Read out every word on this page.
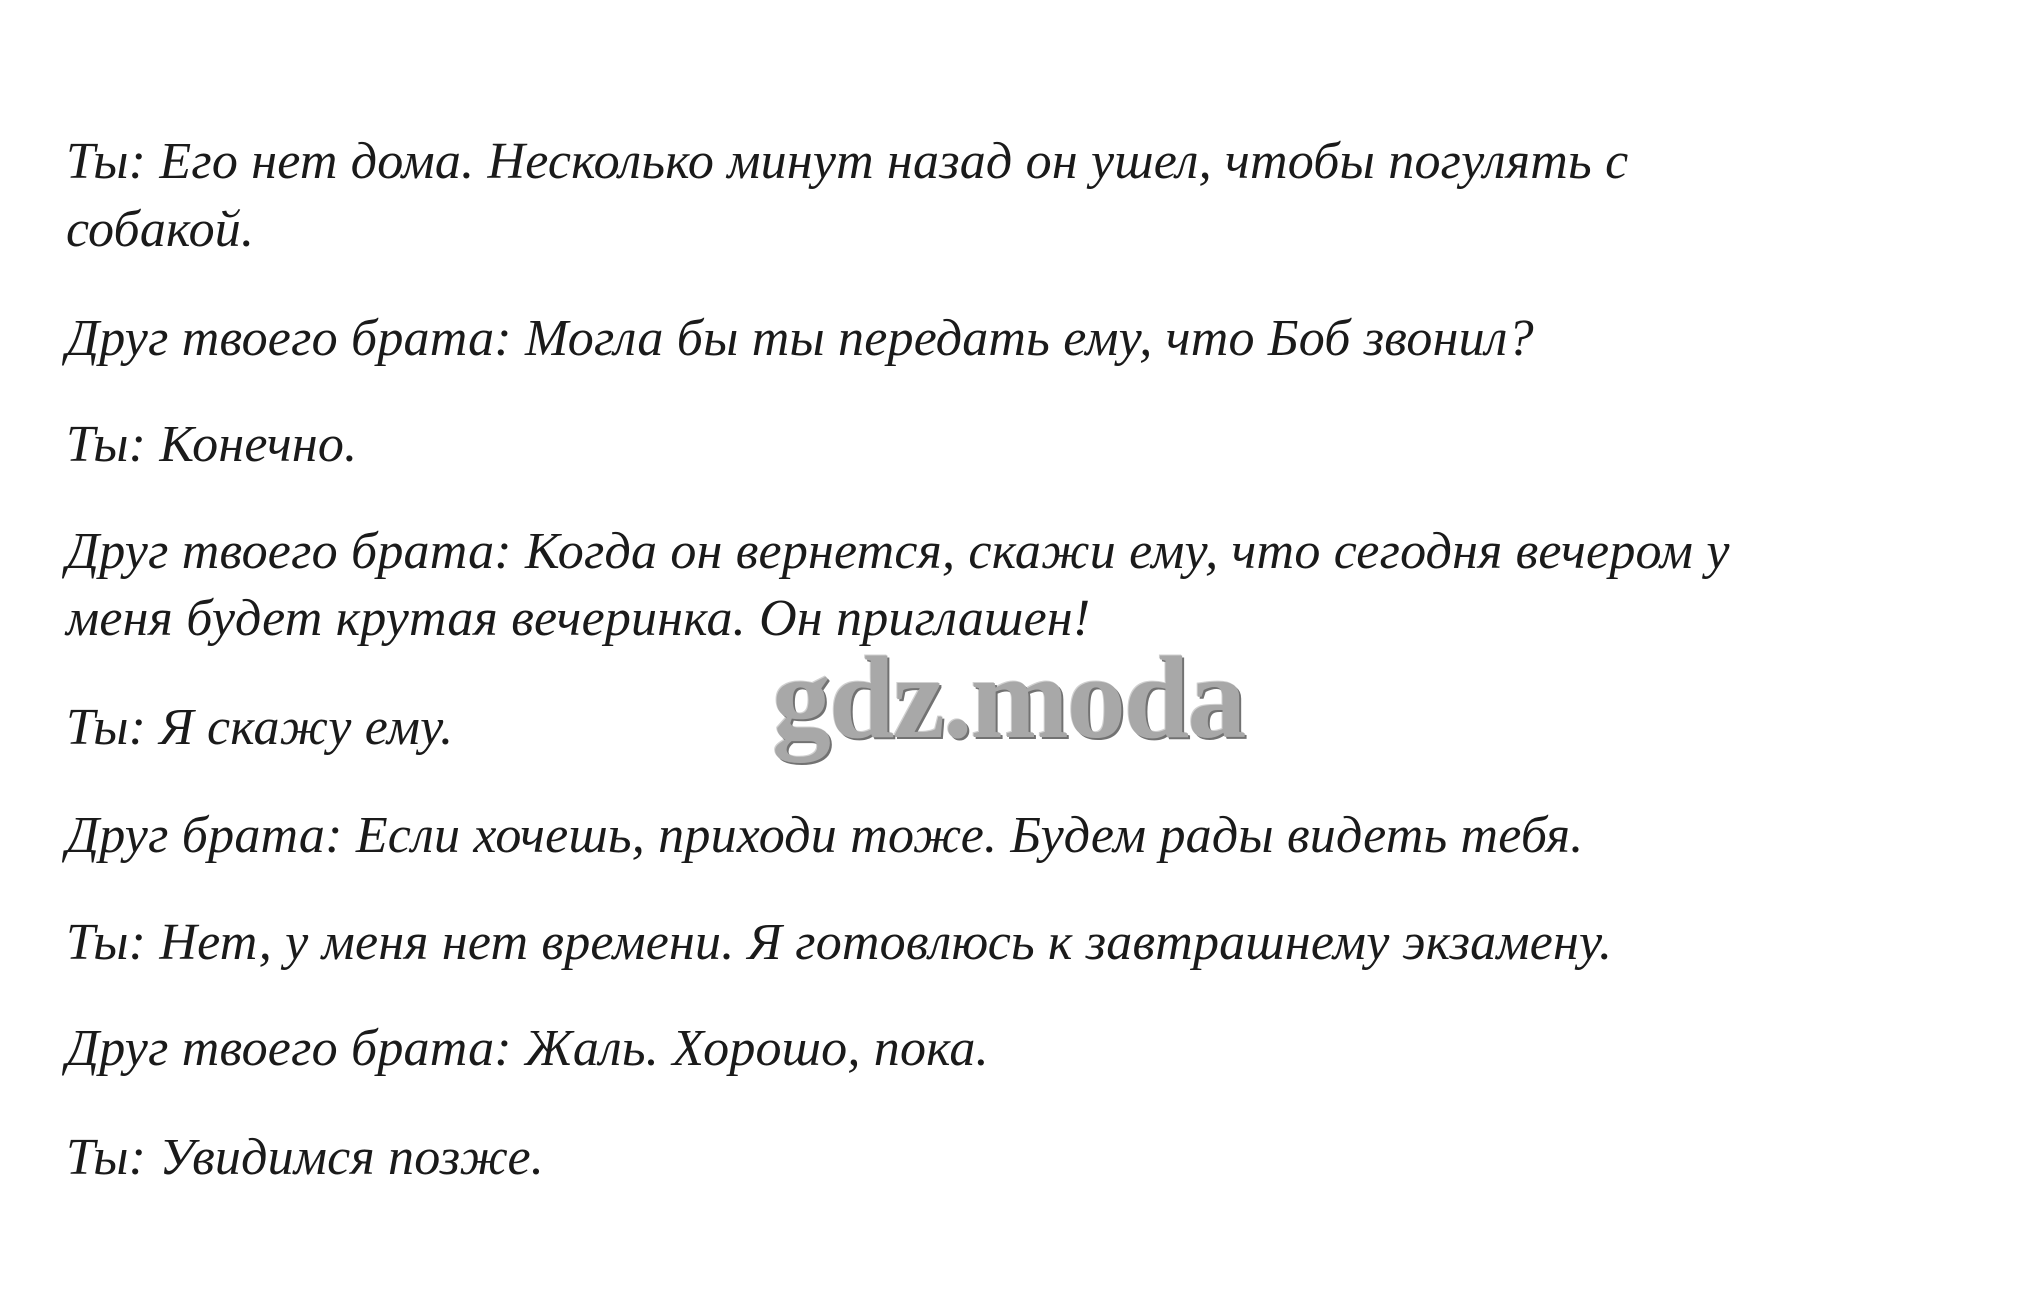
Ты: Его нет дома. Несколько минут назад он ушел, чтобы погулять с

собакой.

Друг твоего брата: Могла бы ты передать ему, что Боб звонил?

Ты: Конечно.

Друг твоего брата: Когда он вернется, скажи ему, что сегодня вечером у

меня будет крутая вечеринка. Он приглашен!

Ты: Я скажу ему.

Друг брата: Если хочешь, приходи тоже. Будем рады видеть тебя.

Ты: Нет, у меня нет времени. Я готовлюсь к завтрашнему экзамену.

Друг твоего брата: Жаль. Хорошо, пока.

Ты: Увидимся позже.

gdz.moda
